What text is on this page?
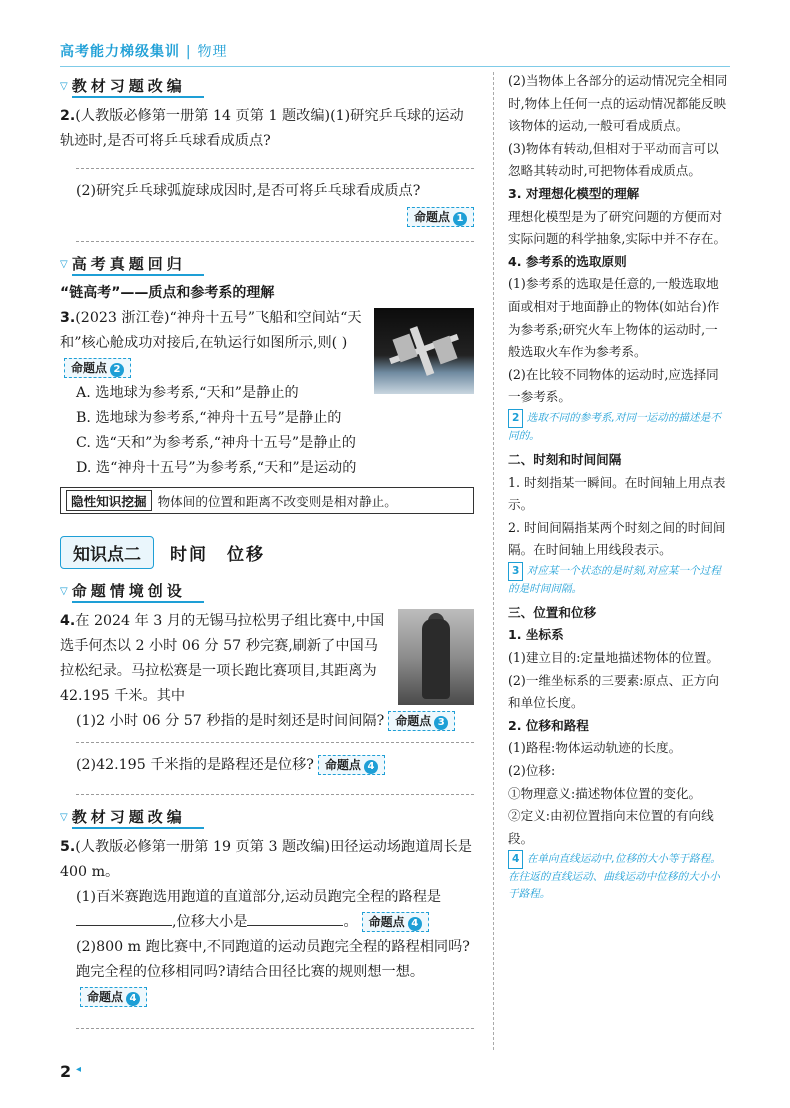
高考能力梯级集训 | 物理
▽ 教材习题改编
2.(人教版必修第一册第 14 页第 1 题改编)(1)研究乒乓球的运动轨迹时,是否可将乒乓球看成质点?
(2)研究乒乓球弧旋球成因时,是否可将乒乓球看成质点?
命题点 1
▽ 高考真题回归
“链高考”——质点和参考系的理解
3.(2023 浙江卷)“神舟十五号”飞船和空间站“天和”核心舱成功对接后,在轨运行如图所示,则( ) 命题点 2
A. 选地球为参考系,“天和”是静止的
B. 选地球为参考系,“神舟十五号”是静止的
C. 选“天和”为参考系,“神舟十五号”是静止的
D. 选“神舟十五号”为参考系,“天和”是运动的
隐性知识挖掘 物体间的位置和距离不改变则是相对静止。
知识点二	时间　位移
▽ 命题情境创设
4.在 2024 年 3 月的无锡马拉松男子组比赛中,中国选手何杰以 2 小时 06 分 57 秒完赛,刷新了中国马拉松纪录。马拉松赛是一项长跑比赛项目,其距离为 42.195 千米。其中
(1)2 小时 06 分 57 秒指的是时刻还是时间间隔? 命题点 3
(2)42.195 千米指的是路程还是位移? 命题点 4
▽ 教材习题改编
5.(人教版必修第一册第 19 页第 3 题改编)田径运动场跑道周长是 400 m。
(1)百米赛跑选用跑道的直道部分,运动员跑完全程的路程是,位移大小是	。 命题点 4
(2)800 m 跑比赛中,不同跑道的运动员跑完全程的路程相同吗?跑完全程的位移相同吗?请结合田径比赛的规则想一想。命题点 4
(2)当物体上各部分的运动情况完全相同时,物体上任何一点的运动情况都能反映该物体的运动,一般可看成质点。
(3)物体有转动,但相对于平动而言可以忽略其转动时,可把物体看成质点。
3. 对理想化模型的理解
理想化模型是为了研究问题的方便而对实际问题的科学抽象,实际中并不存在。
4. 参考系的选取原则
(1)参考系的选取是任意的,一般选取地面或相对于地面静止的物体(如站台)作为参考系;研究火车上物体的运动时,一般选取火车作为参考系。
(2)在比较不同物体的运动时,应选择同一参考系。
2 选取不同的参考系,对同一运动的描述是不同的。
二、时刻和时间间隔
1. 时刻指某一瞬间。在时间轴上用点表示。
2. 时间间隔指某两个时刻之间的时间间隔。在时间轴上用线段表示。
3 对应某一个状态的是时刻,对应某一个过程的是时间间隔。
三、位置和位移
1. 坐标系
(1)建立目的:定量地描述物体的位置。
(2)一维坐标系的三要素:原点、正方向和单位长度。
2. 位移和路程
(1)路程:物体运动轨迹的长度。
(2)位移:
①物理意义:描述物体位置的变化。
②定义:由初位置指向末位置的有向线段。
4 在单向直线运动中,位移的大小等于路程。在往返的直线运动、曲线运动中位移的大小小于路程。
2 ◂
